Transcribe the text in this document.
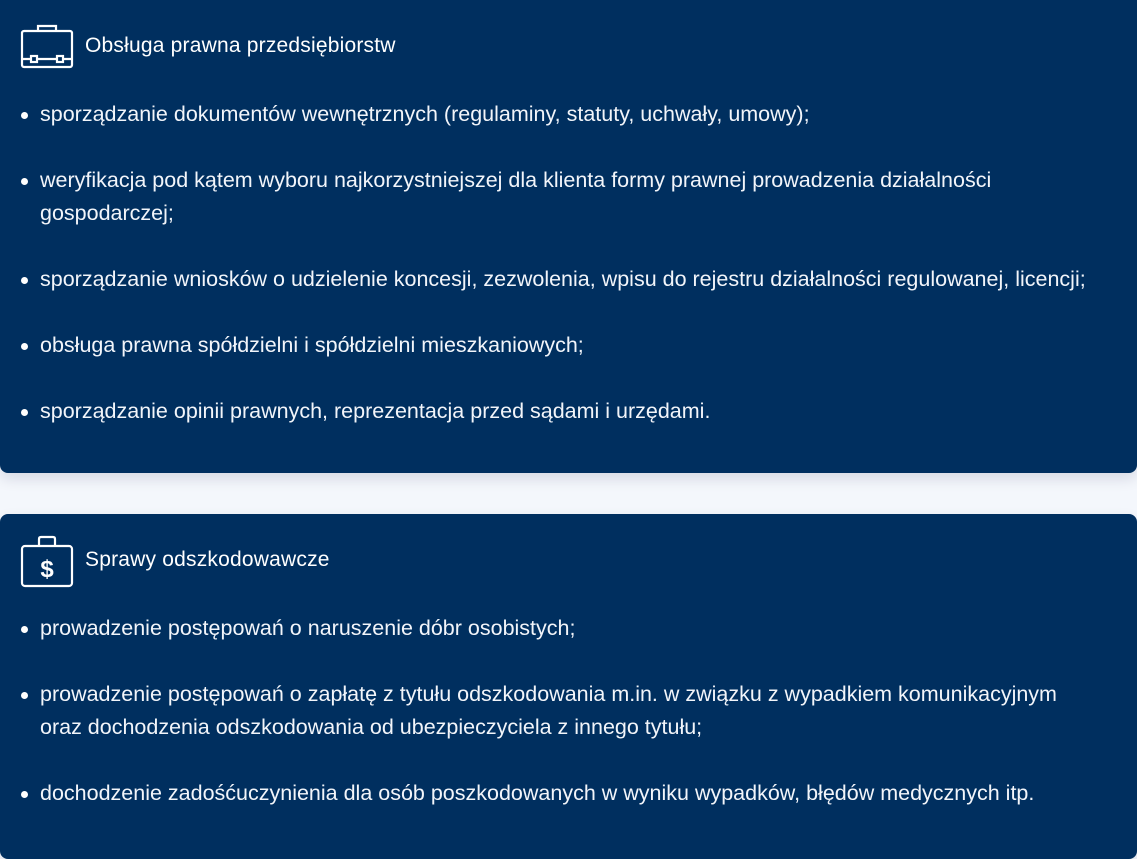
Obsługa prawna przedsiębiorstw
sporządzanie dokumentów wewnętrznych (regulaminy, statuty, uchwały, umowy);
weryfikacja pod kątem wyboru najkorzystniejszej dla klienta formy prawnej prowadzenia działalności gospodarczej;
sporządzanie wniosków o udzielenie koncesji, zezwolenia, wpisu do rejestru działalności regulowanej, licencji;
obsługa prawna spółdzielni i spółdzielni mieszkaniowych;
sporządzanie opinii prawnych, reprezentacja przed sądami i urzędami.
$ Sprawy odszkodowawcze
prowadzenie postępowań o naruszenie dóbr osobistych;
prowadzenie postępowań o zapłatę z tytułu odszkodowania m.in. w związku z wypadkiem komunikacyjnym oraz dochodzenia odszkodowania od ubezpieczyciela z innego tytułu;
dochodzenie zadośćuczynienia dla osób poszkodowanych w wyniku wypadków, błędów medycznych itp.
